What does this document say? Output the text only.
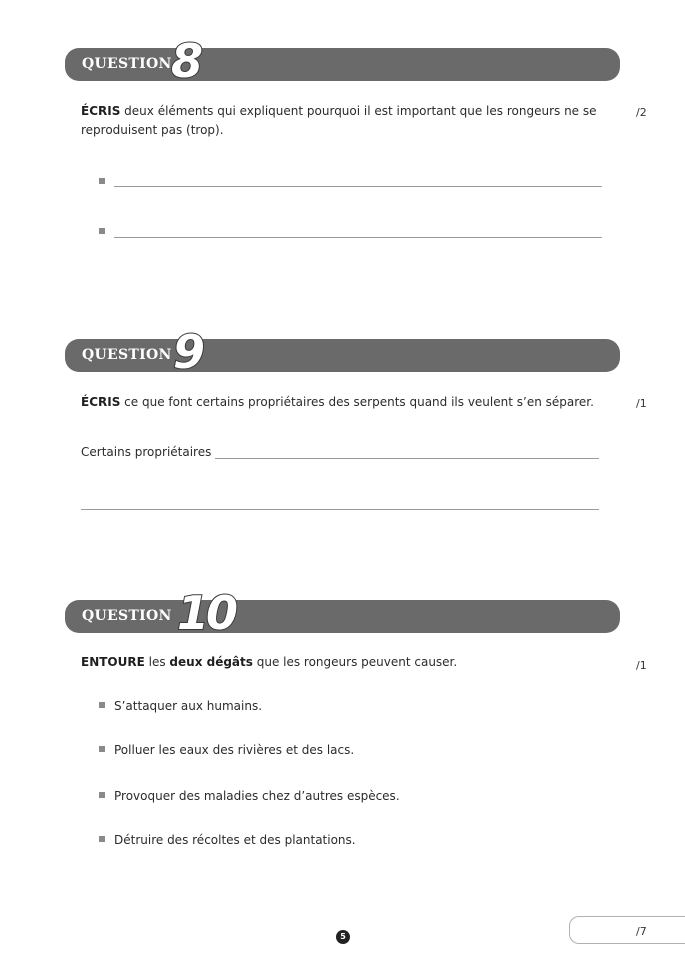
QUESTION 8
ÉCRIS deux éléments qui expliquent pourquoi il est important que les rongeurs ne se reproduisent pas (trop).
/2
QUESTION 9
ÉCRIS ce que font certains propriétaires des serpents quand ils veulent s’en séparer.	/1
Certains propriétaires
QUESTION 10
ENTOURE les deux dégâts que les rongeurs peuvent causer.	/1
S’attaquer aux humains.
Polluer les eaux des rivières et des lacs.
Provoquer des maladies chez d’autres espèces.
Détruire des récoltes et des plantations.
5	/7
